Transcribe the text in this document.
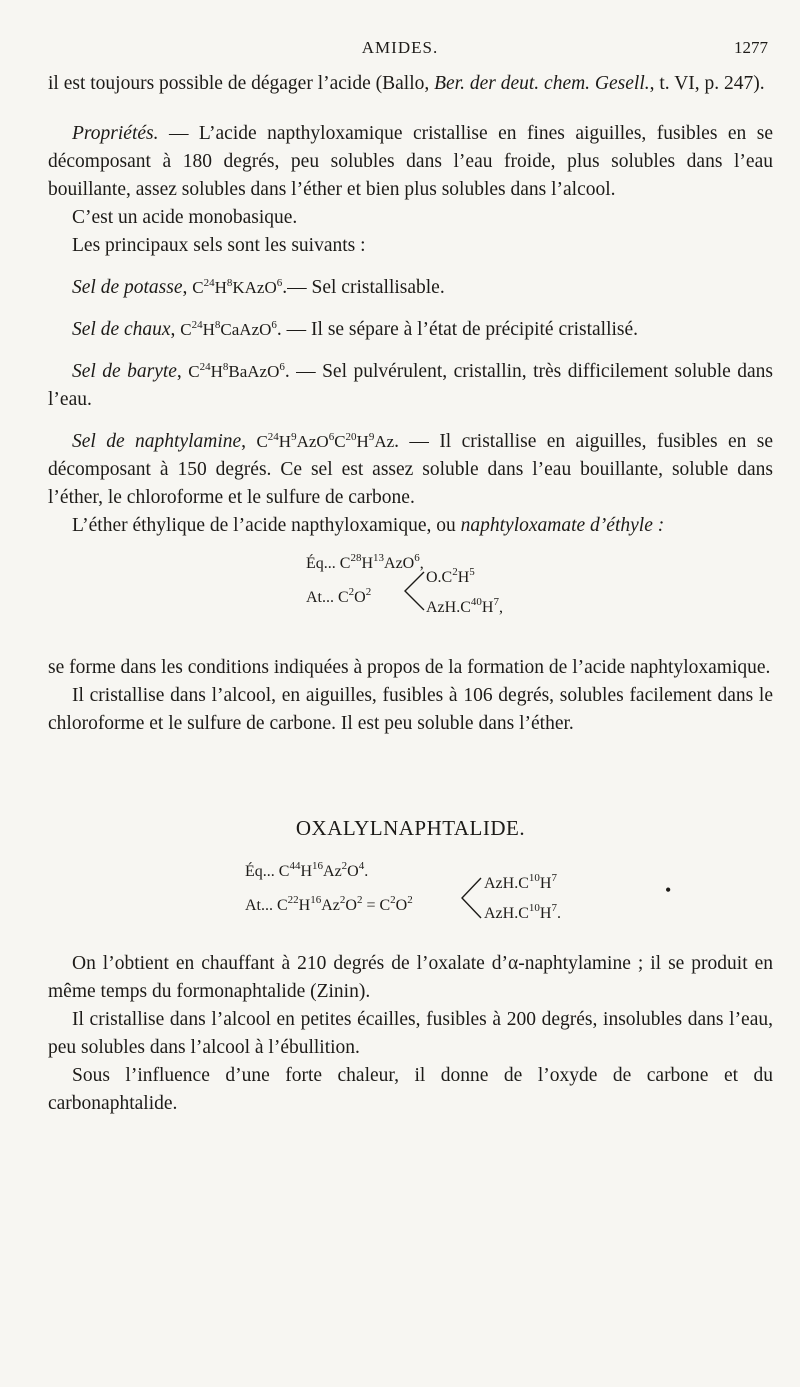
AMIDES.	1277

il est toujours possible de dégager l’acide (Ballo, Ber. der deut. chem. Gesell., t. VI, p. 247).

Propriétés. — L’acide napthyloxamique cristallise en fines aiguilles, fusibles en se décomposant à 180 degrés, peu solubles dans l’eau froide, plus solubles dans l’eau bouillante, assez solubles dans l’éther et bien plus solubles dans l’alcool.

C’est un acide monobasique.

Les principaux sels sont les suivants :

Sel de potasse, $C^{24}H^8KAzO^6.—$ Sel cristallisable.

Sel de chaux, $C^{24}H^8CaAzO^6$. — Il se sépare à l’état de précipité cristallisé.

Sel de baryte, $C^{24}H^8BaAzO^6$. — Sel pulvérulent, cristallin, très difficilement soluble dans l’eau.

Sel de naphtylamine, $C^{24}H^9AzO^6C^{20}H^9Az$. — Il cristallise en aiguilles, fusibles en se décomposant à 150 degrés. Ce sel est assez soluble dans l’eau bouillante, soluble dans l’éther, le chloroforme et le sulfure de carbone.

L’éther éthylique de l’acide napthyloxamique, ou naphtyloxamate d’éthyle :

Éq... $C^{28}H^{13}AzO^6$,
At... $C^2O^2$
$O.C^2H^5$
$AzH.C^{40}H^7$,

se forme dans les conditions indiquées à propos de la formation de l’acide naphtyloxamique.

Il cristallise dans l’alcool, en aiguilles, fusibles à 106 degrés, solubles facilement dans le chloroforme et le sulfure de carbone. Il est peu soluble dans l’éther.

OXALYLNAPHTALIDE.
Éq... $C^{44}H^{16}Az^2O^4$.
At... $C^{22}H^{16}Az^2O^2 = C^2O^2$
$AzH.C^{10}H^7$
$AzH.C^{10}H^7$.
•

On l’obtient en chauffant à 210 degrés de l’oxalate d’α-naphtylamine ; il se produit en même temps du formonaphtalide (Zinin).

Il cristallise dans l’alcool en petites écailles, fusibles à 200 degrés, insolubles dans l’eau, peu solubles dans l’alcool à l’ébullition.

Sous l’influence d’une forte chaleur, il donne de l’oxyde de carbone et du carbonaphtalide.
